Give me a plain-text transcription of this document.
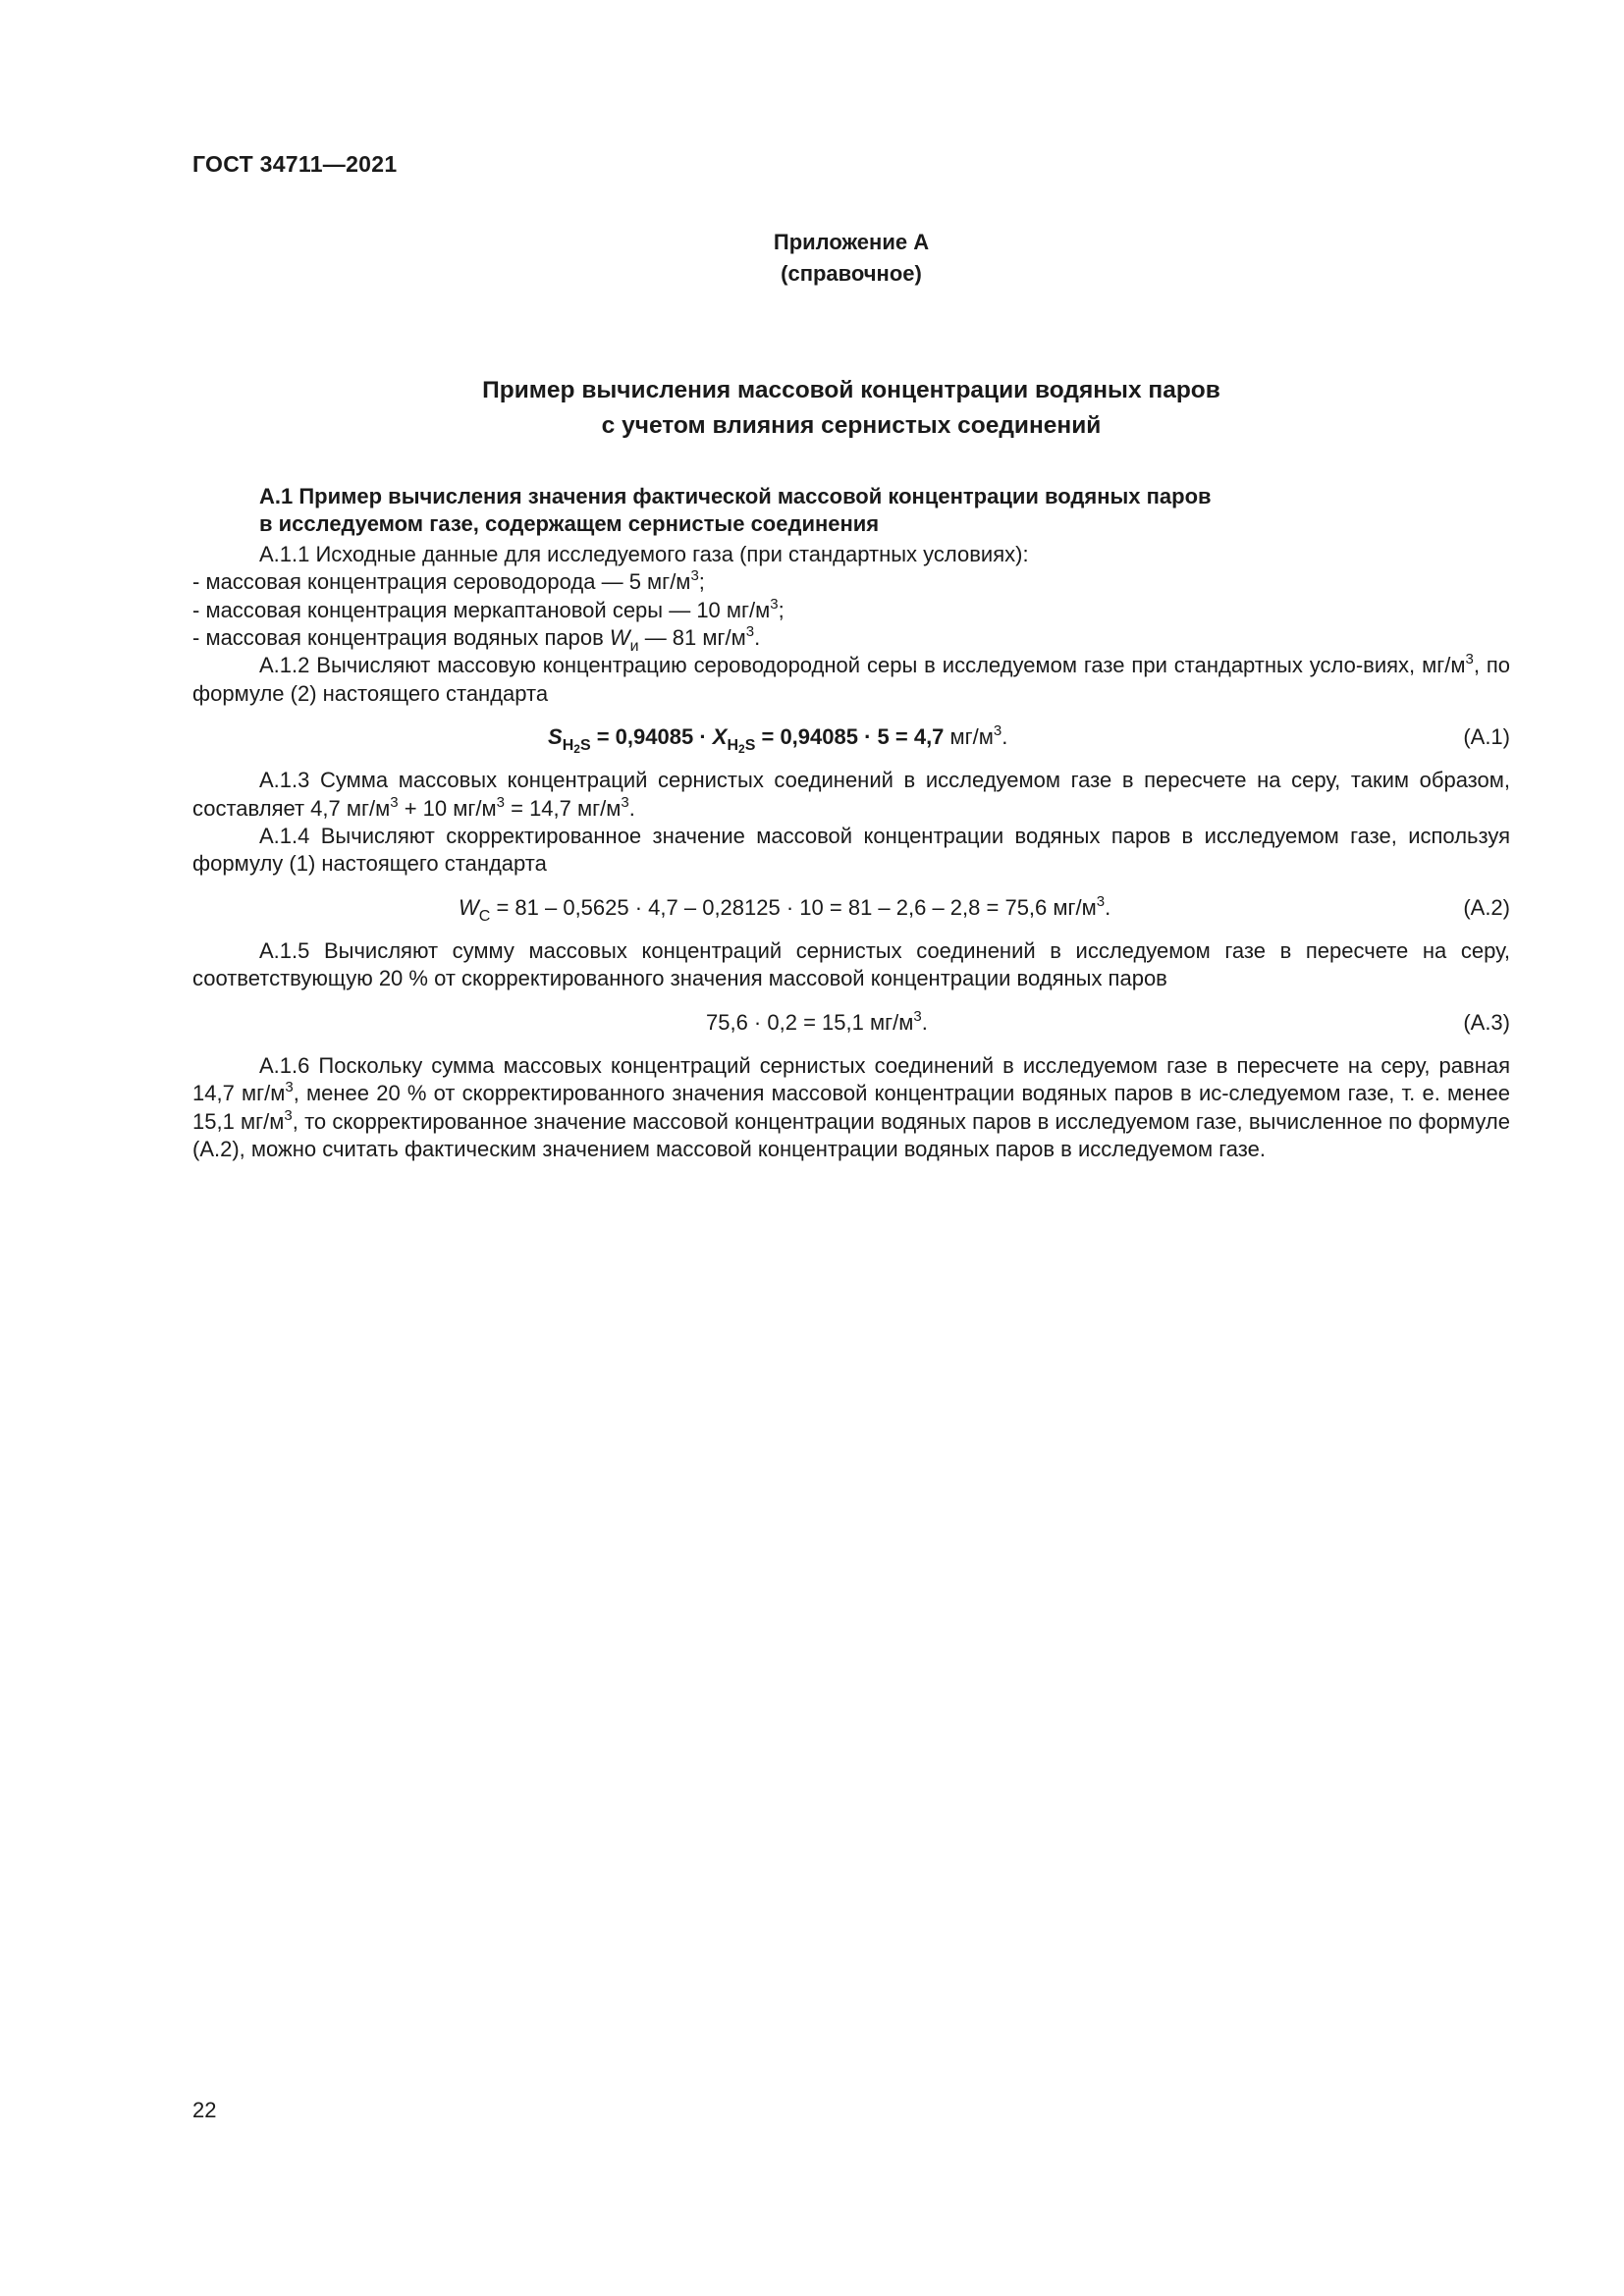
ГОСТ 34711—2021
Приложение А
(справочное)
Пример вычисления массовой концентрации водяных паров
с учетом влияния сернистых соединений
А.1 Пример вычисления значения фактической массовой концентрации водяных паров
в исследуемом газе, содержащем сернистые соединения

А.1.1 Исходные данные для исследуемого газа (при стандартных условиях):

- массовая концентрация сероводорода — 5 $мг/м^3$;

- массовая концентрация меркаптановой серы — 10 $мг/м^3$;

- массовая концентрация водяных паров $W_и$ — 81 $мг/м^3$.

А.1.2 Вычисляют массовую концентрацию сероводородной серы в исследуемом газе при стандартных усло-виях, $мг/м^3$, по формуле (2) настоящего стандарта

$S_{H2S} = 0,94085 \cdot X_{H2S} = 0,94085 \cdot 5 = 4,7$ $мг/м^3$.	(А.1)

А.1.3 Сумма массовых концентраций сернистых соединений в исследуемом газе в пересчете на серу, таким образом, составляет 4,7 $мг/м^3 + 10$ $мг/м^3 = 14,7$ $мг/м^3$.

А.1.4 Вычисляют скорректированное значение массовой концентрации водяных паров в исследуемом газе, используя формулу (1) настоящего стандарта

$W_C = 81 - 0,5625 \cdot 4,7 - 0,28125 \cdot 10 = 81 - 2,6 - 2,8 = 75,6$ $мг/м^3$.	(А.2)

А.1.5 Вычисляют сумму массовых концентраций сернистых соединений в исследуемом газе в пересчете на серу, соответствующую 20 % от скорректированного значения массовой концентрации водяных паров

75,6 · 0,2 = 15,1 $мг/м^3$.	(А.3)

А.1.6 Поскольку сумма массовых концентраций сернистых соединений в исследуемом газе в пересчете на серу, равная 14,7 $мг/м^3$, менее 20 % от скорректированного значения массовой концентрации водяных паров в ис-следуемом газе, т. е. менее 15,1 $мг/м^3$, то скорректированное значение массовой концентрации водяных паров в исследуемом газе, вычисленное по формуле (А.2), можно считать фактическим значением массовой концентрации водяных паров в исследуемом газе.

22
